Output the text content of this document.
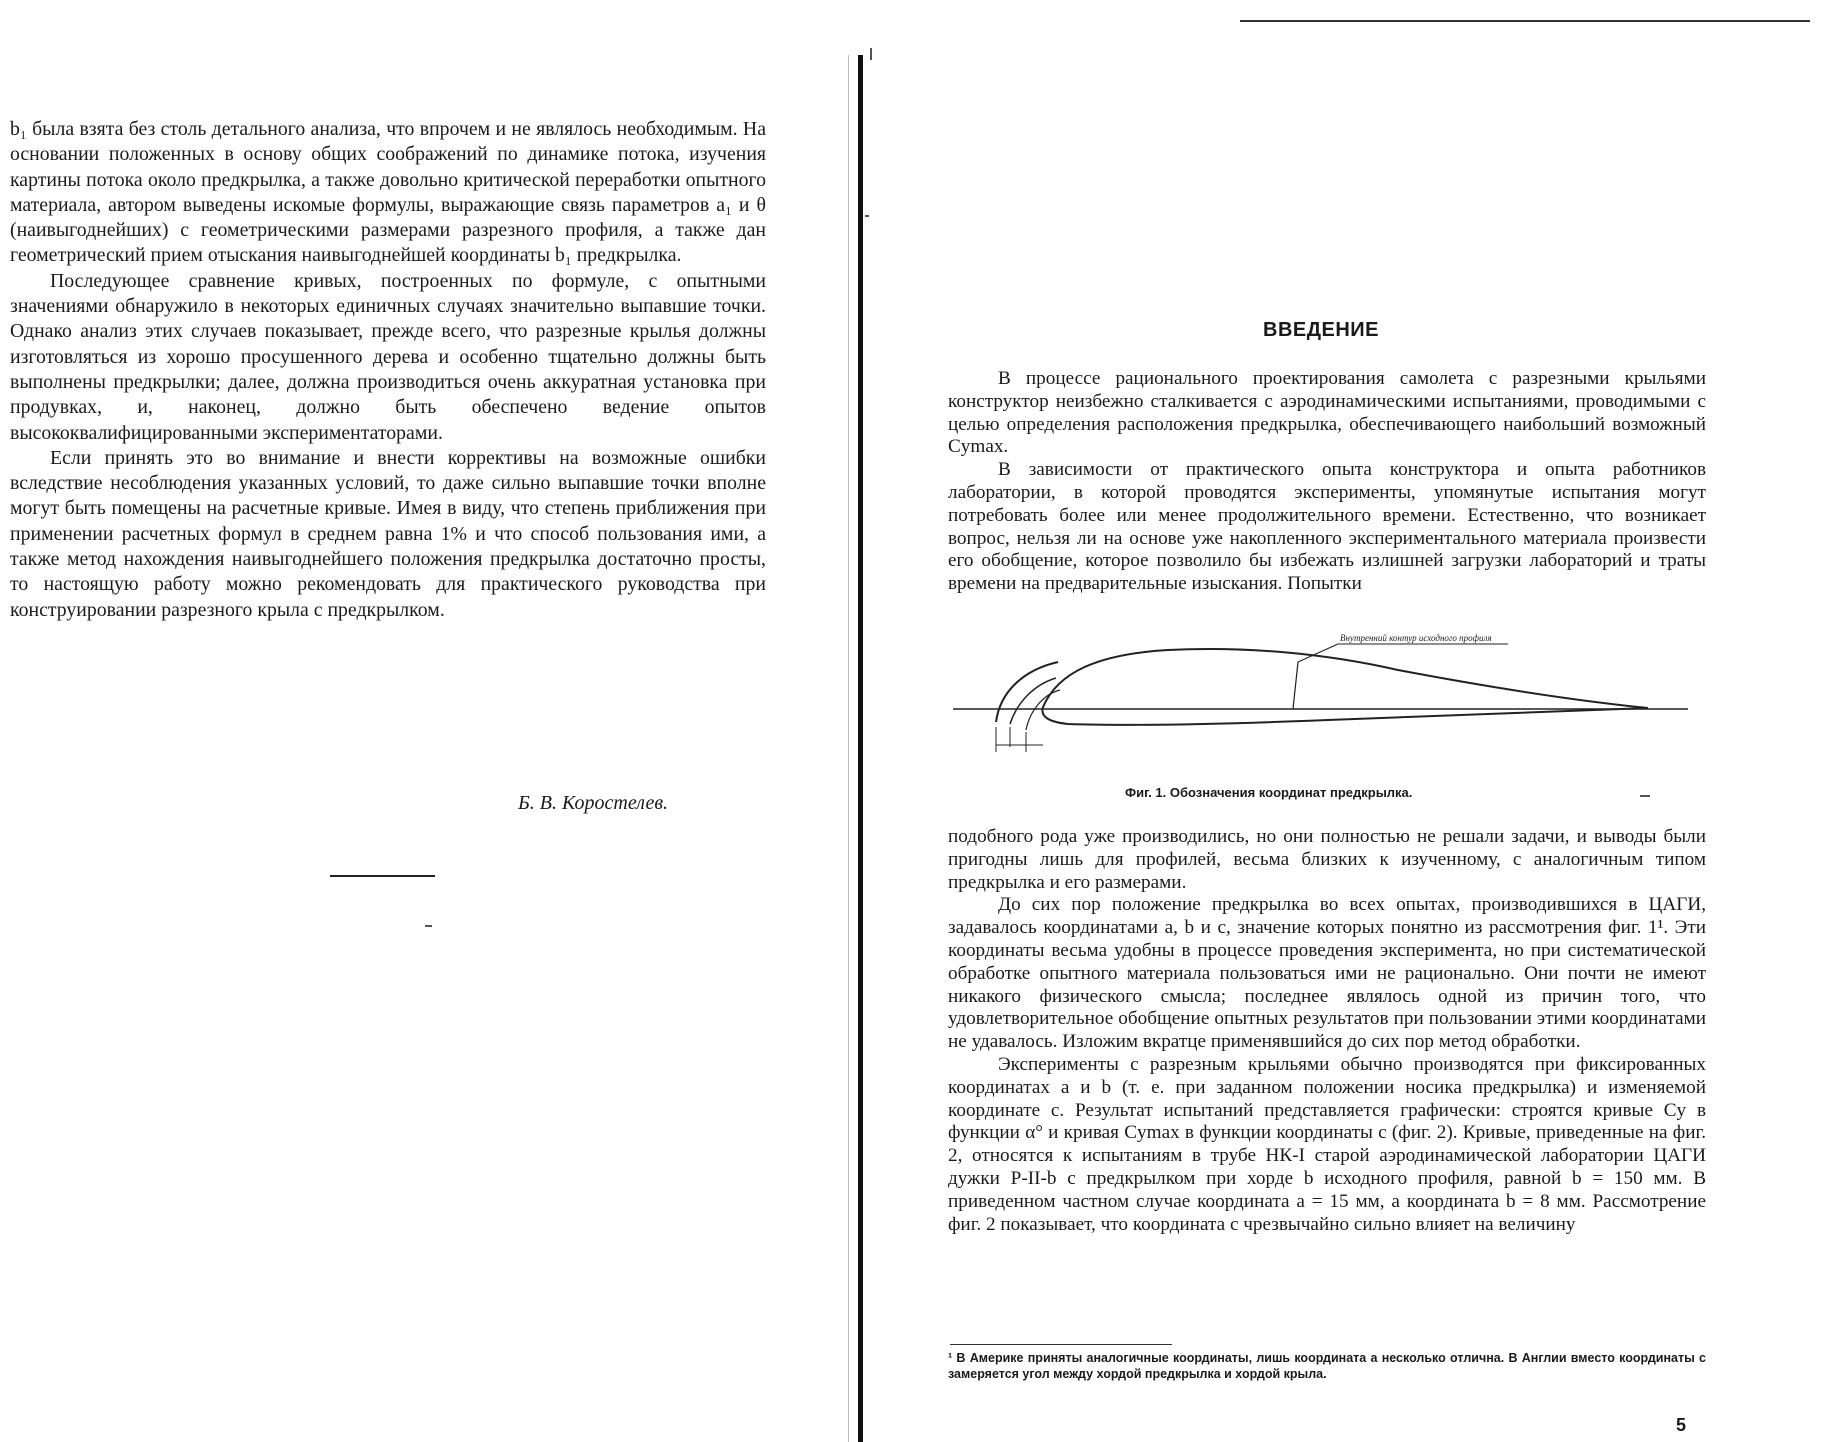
b₁ была взята без столь детального анализа, что впрочем и не являлось необходимым. На основании положенных в основу общих соображений по динамике потока, изучения картины потока около предкрылка, а также довольно критической переработки опытного материала, автором выведены искомые формулы, выражающие связь параметров a₁ и θ (наивыгоднейших) с геометрическими размерами разрезного профиля, а также дан геометрический прием отыскания наивыгоднейшей координаты b₁ предкрылка.

Последующее сравнение кривых, построенных по формуле, с опытными значениями обнаружило в некоторых единичных случаях значительно выпавшие точки. Однако анализ этих случаев показывает, прежде всего, что разрезные крылья должны изготовляться из хорошо просушенного дерева и особенно тщательно должны быть выполнены предкрылки; далее, должна производиться очень аккуратная установка при продувках, и, наконец, должно быть обеспечено ведение опытов высококвалифицированными экспериментаторами.

Если принять это во внимание и внести коррективы на возможные ошибки вследствие несоблюдения указанных условий, то даже сильно выпавшие точки вполне могут быть помещены на расчетные кривые. Имея в виду, что степень приближения при применении расчетных формул в среднем равна 1% и что способ пользования ими, а также метод нахождения наивыгоднейшего положения предкрылка достаточно просты, то настоящую работу можно рекомендовать для практического руководства при конструировании разрезного крыла с предкрылком.

Б. В. Коростелев.
ВВЕДЕНИЕ

В процессе рационального проектирования самолета с разрезными крыльями конструктор неизбежно сталкивается с аэродинамическими испытаниями, проводимыми с целью определения расположения предкрылка, обеспечивающего наибольший возможный Cуmax.

В зависимости от практического опыта конструктора и опыта работников лаборатории, в которой проводятся эксперименты, упомянутые испытания могут потребовать более или менее продолжительного времени. Естественно, что возникает вопрос, нельзя ли на основе уже накопленного экспериментального материала произвести его обобщение, которое позволило бы избежать излишней загрузки лабораторий и траты времени на предварительные изыскания. Попытки

Внутренний контур исходного профиля
Фиг. 1. Обозначения координат предкрылка.

подобного рода уже производились, но они полностью не решали задачи, и выводы были пригодны лишь для профилей, весьма близких к изученному, с аналогичным типом предкрылка и его размерами.

До сих пор положение предкрылка во всех опытах, производившихся в ЦАГИ, задавалось координатами a, b и c, значение которых понятно из рассмотрения фиг. 1¹. Эти координаты весьма удобны в процессе проведения эксперимента, но при систематической обработке опытного материала пользоваться ими не рационально. Они почти не имеют никакого физического смысла; последнее являлось одной из причин того, что удовлетворительное обобщение опытных результатов при пользовании этими координатами не удавалось. Изложим вкратце применявшийся до сих пор метод обработки.

Эксперименты с разрезным крыльями обычно производятся при фиксированных координатах a и b (т. е. при заданном положении носика предкрылка) и изменяемой координате c. Результат испытаний представляется графически: строятся кривые Cу в функции α° и кривая Cуmax в функции координаты c (фиг. 2). Кривые, приведенные на фиг. 2, относятся к испытаниям в трубе НК-I старой аэродинамической лаборатории ЦАГИ дужки Р-II-b с предкрылком при хорде b исходного профиля, равной b = 150 мм. В приведенном частном случае координата a = 15 мм, а координата b = 8 мм. Рассмотрение фиг. 2 показывает, что координата c чрезвычайно сильно влияет на величину

¹ В Америке приняты аналогичные координаты, лишь координата a несколько отлична. В Англии вместо координаты c замеряется угол между хордой предкрылка и хордой крыла.
5
